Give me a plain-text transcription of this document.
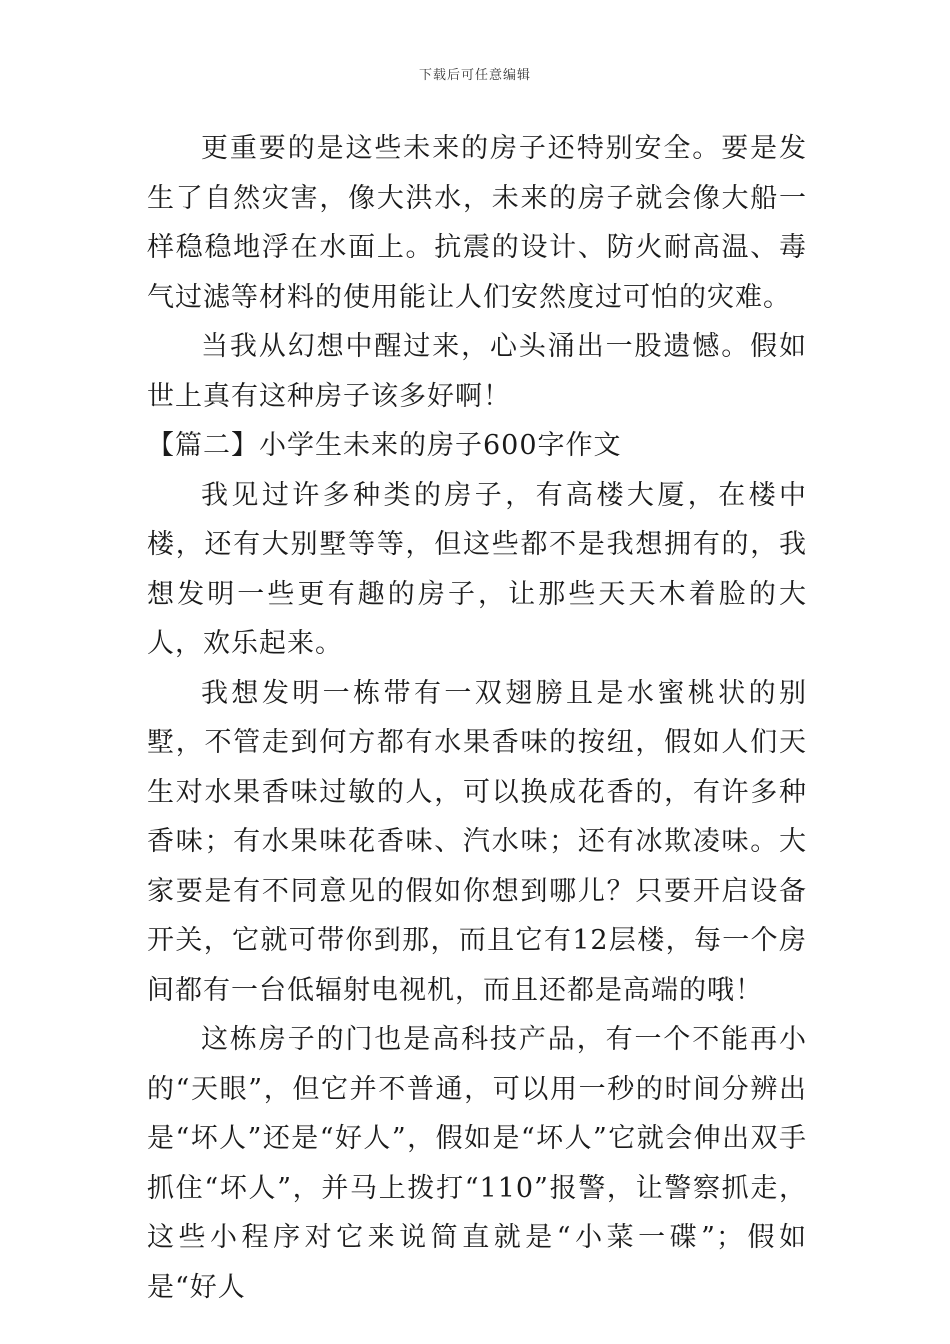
下载后可任意编辑

更重要的是这些未来的房子还特别安全。要是发生了自然灾害，像大洪水，未来的房子就会像大船一样稳稳地浮在水面上。抗震的设计、防火耐高温、毒气过滤等材料的使用能让人们安然度过可怕的灾难。

当我从幻想中醒过来，心头涌出一股遗憾。假如世上真有这种房子该多好啊！

【篇二】小学生未来的房子600字作文

我见过许多种类的房子，有高楼大厦，在楼中楼，还有大别墅等等，但这些都不是我想拥有的，我想发明一些更有趣的房子，让那些天天木着脸的大人，欢乐起来。

我想发明一栋带有一双翅膀且是水蜜桃状的别墅，不管走到何方都有水果香味的按纽，假如人们天生对水果香味过敏的人，可以换成花香的，有许多种香味；有水果味花香味、汽水味；还有冰欺凌味。大家要是有不同意见的假如你想到哪儿？只要开启设备开关，它就可带你到那，而且它有12层楼，每一个房间都有一台低辐射电视机，而且还都是高端的哦！

这栋房子的门也是高科技产品，有一个不能再小的“天眼”，但它并不普通，可以用一秒的时间分辨出是“坏人”还是“好人”，假如是“坏人”它就会伸出双手抓住“坏人”，并马上拨打“110”报警，让警察抓走，这些小程序对它来说简直就是“小菜一碟”；假如是“好人
